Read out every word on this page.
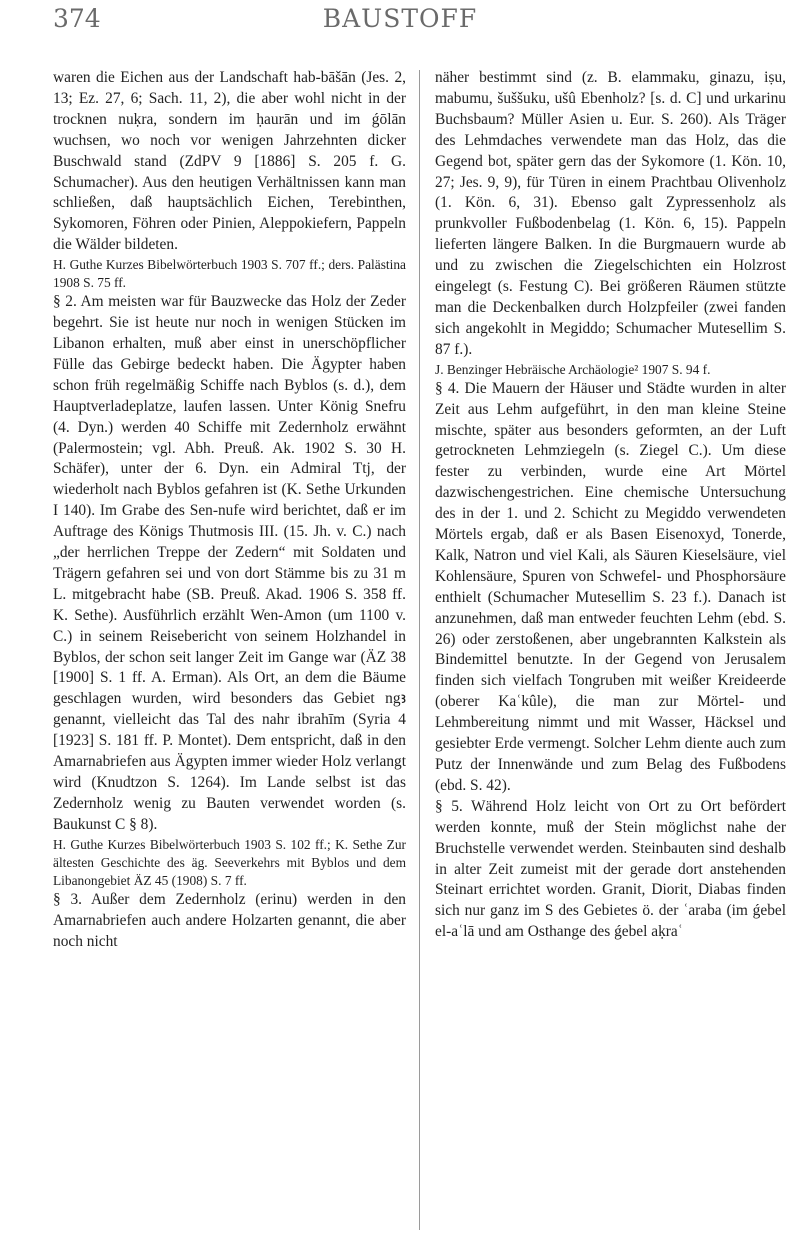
374	BAUSTOFF

waren die Eichen aus der Landschaft hab-bāšān (Jes. 2, 13; Ez. 27, 6; Sach. 11, 2), die aber wohl nicht in der trocknen nuḳra, sondern im ḥaurān und im ǵōlān wuchsen, wo noch vor wenigen Jahrzehnten dicker Buschwald stand (ZdPV 9 [1886] S. 205 f. G. Schumacher). Aus den heutigen Verhältnissen kann man schließen, daß hauptsächlich Eichen, Terebinthen, Sykomoren, Föhren oder Pinien, Aleppokiefern, Pappeln die Wälder bildeten.

H. Guthe Kurzes Bibelwörterbuch 1903 S. 707 ff.; ders. Palästina 1908 S. 75 ff.

§ 2. Am meisten war für Bauzwecke das Holz der Zeder begehrt. Sie ist heute nur noch in wenigen Stücken im Libanon erhalten, muß aber einst in unerschöpflicher Fülle das Gebirge bedeckt haben. Die Ägypter haben schon früh regelmäßig Schiffe nach Byblos (s. d.), dem Hauptverladeplatze, laufen lassen. Unter König Snefru (4. Dyn.) werden 40 Schiffe mit Zedernholz erwähnt (Palermostein; vgl. Abh. Preuß. Ak. 1902 S. 30 H. Schäfer), unter der 6. Dyn. ein Admiral Ttj, der wiederholt nach Byblos gefahren ist (K. Sethe Urkunden I 140). Im Grabe des Sen-nufe wird berichtet, daß er im Auftrage des Königs Thutmosis III. (15. Jh. v. C.) nach „der herrlichen Treppe der Zedern“ mit Soldaten und Trägern gefahren sei und von dort Stämme bis zu 31 m L. mitgebracht habe (SB. Preuß. Akad. 1906 S. 358 ff. K. Sethe). Ausführlich erzählt Wen-Amon (um 1100 v. C.) in seinem Reisebericht von seinem Holzhandel in Byblos, der schon seit langer Zeit im Gange war (ÄZ 38 [1900] S. 1 ff. A. Erman). Als Ort, an dem die Bäume geschlagen wurden, wird besonders das Gebiet ngꜣ genannt, vielleicht das Tal des nahr ibrahīm (Syria 4 [1923] S. 181 ff. P. Montet). Dem entspricht, daß in den Amarnabriefen aus Ägypten immer wieder Holz verlangt wird (Knudtzon S. 1264). Im Lande selbst ist das Zedernholz wenig zu Bauten verwendet worden (s. Baukunst C § 8).

H. Guthe Kurzes Bibelwörterbuch 1903 S. 102 ff.; K. Sethe Zur ältesten Geschichte des äg. Seeverkehrs mit Byblos und dem Libanongebiet ÄZ 45 (1908) S. 7 ff.

§ 3. Außer dem Zedernholz (erinu) werden in den Amarnabriefen auch andere Holzarten genannt, die aber noch nicht

näher bestimmt sind (z. B. elammaku, ginazu, iṣu, mabumu, šuššuku, ušû Ebenholz? [s. d. C] und urkarinu Buchsbaum? Müller Asien u. Eur. S. 260). Als Träger des Lehmdaches verwendete man das Holz, das die Gegend bot, später gern das der Sykomore (1. Kön. 10, 27; Jes. 9, 9), für Türen in einem Prachtbau Olivenholz (1. Kön. 6, 31). Ebenso galt Zypressenholz als prunkvoller Fußbodenbelag (1. Kön. 6, 15). Pappeln lieferten längere Balken. In die Burgmauern wurde ab und zu zwischen die Ziegelschichten ein Holzrost eingelegt (s. Festung C). Bei größeren Räumen stützte man die Deckenbalken durch Holzpfeiler (zwei fanden sich angekohlt in Megiddo; Schumacher Mutesellim S. 87 f.).

J. Benzinger Hebräische Archäologie² 1907 S. 94 f.

§ 4. Die Mauern der Häuser und Städte wurden in alter Zeit aus Lehm aufgeführt, in den man kleine Steine mischte, später aus besonders geformten, an der Luft getrockneten Lehmziegeln (s. Ziegel C.). Um diese fester zu verbinden, wurde eine Art Mörtel dazwischengestrichen. Eine chemische Untersuchung des in der 1. und 2. Schicht zu Megiddo verwendeten Mörtels ergab, daß er als Basen Eisenoxyd, Tonerde, Kalk, Natron und viel Kali, als Säuren Kieselsäure, viel Kohlensäure, Spuren von Schwefel- und Phosphorsäure enthielt (Schumacher Mutesellim S. 23 f.). Danach ist anzunehmen, daß man entweder feuchten Lehm (ebd. S. 26) oder zerstoßenen, aber ungebrannten Kalkstein als Bindemittel benutzte. In der Gegend von Jerusalem finden sich vielfach Tongruben mit weißer Kreideerde (oberer Kaʿkûle), die man zur Mörtel- und Lehmbereitung nimmt und mit Wasser, Häcksel und gesiebter Erde vermengt. Solcher Lehm diente auch zum Putz der Innenwände und zum Belag des Fußbodens (ebd. S. 42).

§ 5. Während Holz leicht von Ort zu Ort befördert werden konnte, muß der Stein möglichst nahe der Bruchstelle verwendet werden. Steinbauten sind deshalb in alter Zeit zumeist mit der gerade dort anstehenden Steinart errichtet worden. Granit, Diorit, Diabas finden sich nur ganz im S des Gebietes ö. der ʿaraba (im ǵebel el-aʿlā und am Osthange des ǵebel aḳraʿ
